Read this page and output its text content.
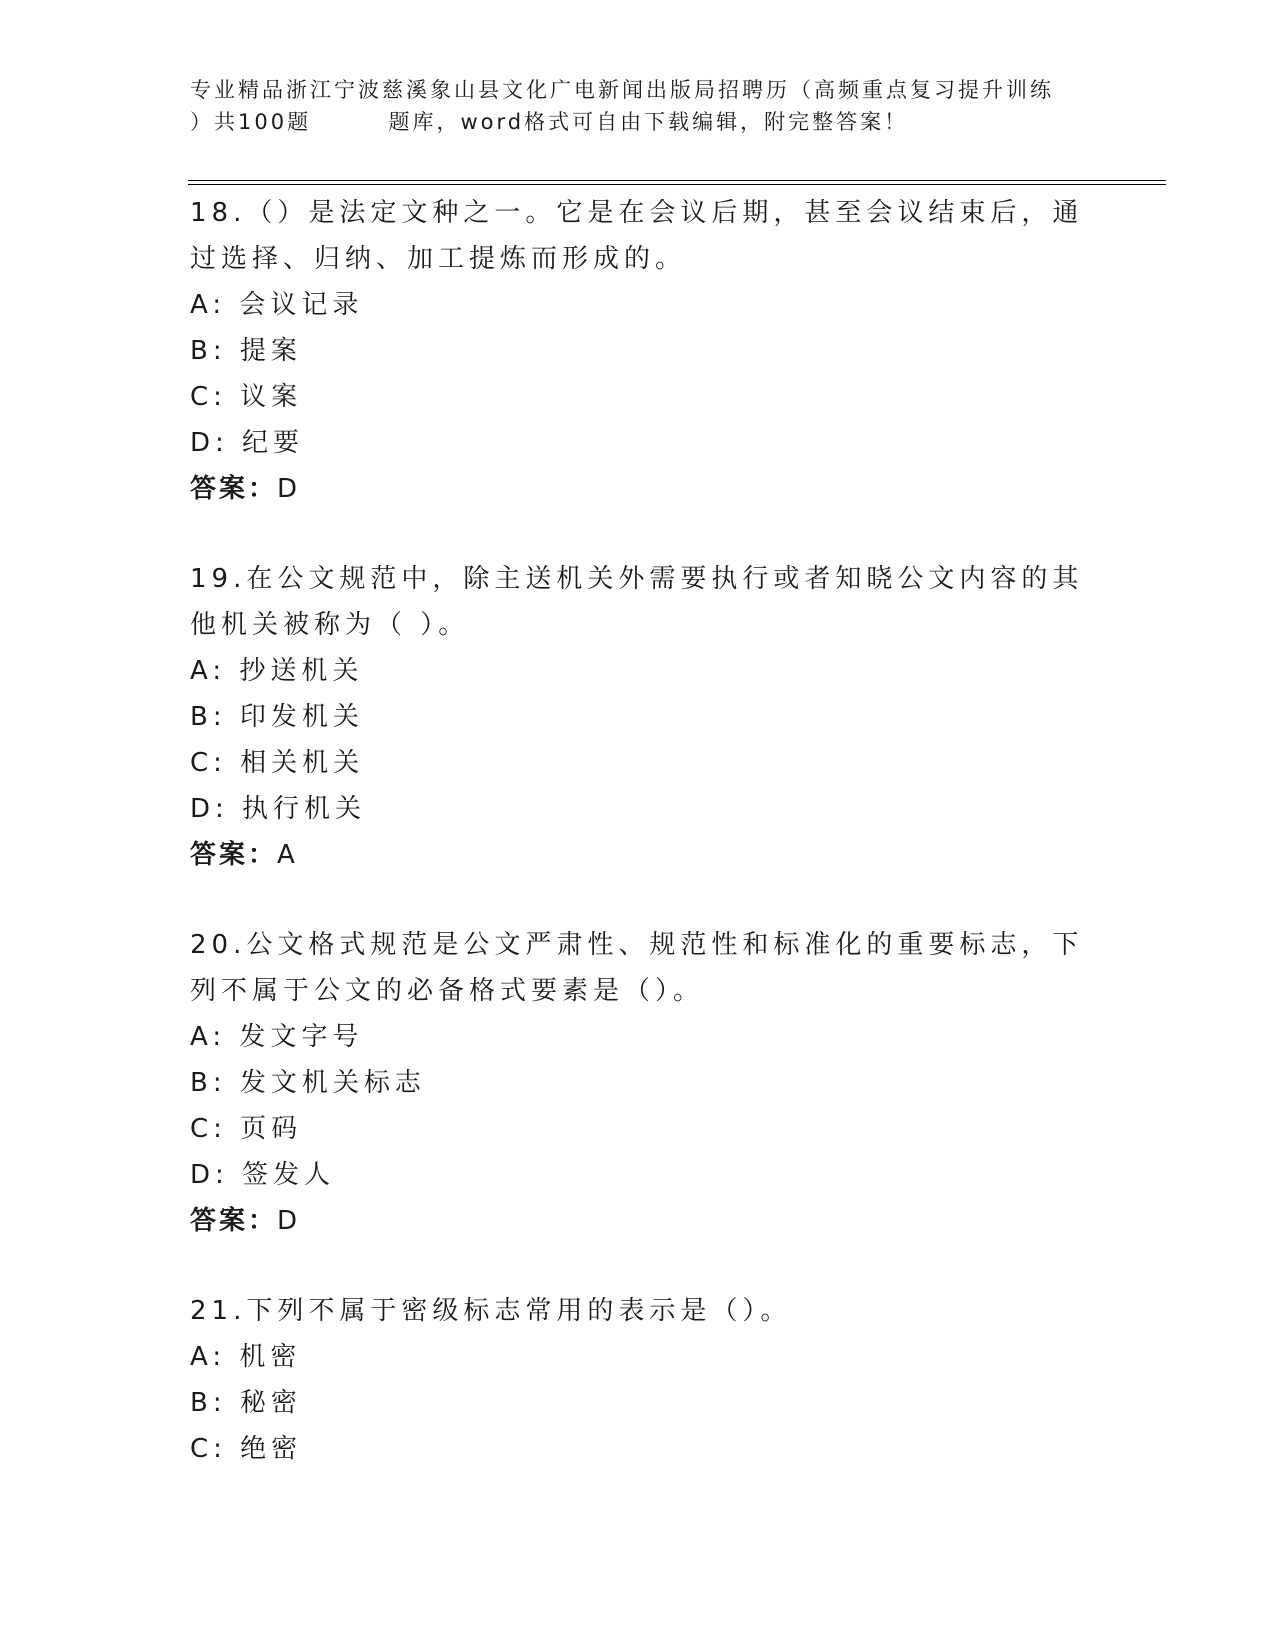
专业精品浙江宁波慈溪象山县文化广电新闻出版局招聘历（高频重点复习提升训练
）共100题        题库，word格式可自由下载编辑，附完整答案！

18.（）是法定文种之一。它是在会议后期，甚至会议结束后，通过选择、归纳、加工提炼而形成的。

A: 会议记录

B: 提案

C: 议案

D: 纪要

答案：D

19.在公文规范中，除主送机关外需要执行或者知晓公文内容的其他机关被称为（ ）。

A: 抄送机关

B: 印发机关

C: 相关机关

D: 执行机关

答案：A

20.公文格式规范是公文严肃性、规范性和标准化的重要标志，下列不属于公文的必备格式要素是（）。

A: 发文字号

B: 发文机关标志

C: 页码

D: 签发人

答案：D

21.下列不属于密级标志常用的表示是（）。

A: 机密

B: 秘密

C: 绝密
